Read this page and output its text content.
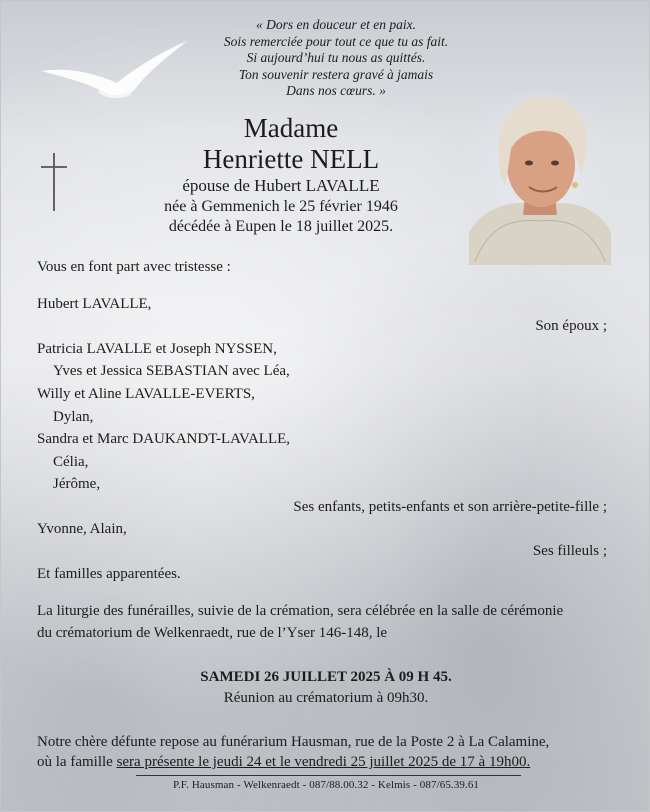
« Dors en douceur et en paix.
Sois remerciée pour tout ce que tu as fait.
Si aujourd’hui tu nous as quittés.
Ton souvenir restera gravé à jamais
Dans nos cœurs. »
Madame
Henriette NELL
épouse de Hubert LAVALLE
née à Gemmenich le 25 février 1946
décédée à Eupen le 18 juillet 2025.
Vous en font part avec tristesse :
Hubert LAVALLE,
Son époux ;
Patricia LAVALLE et Joseph NYSSEN,
Yves et Jessica SEBASTIAN avec Léa,
Willy et Aline LAVALLE-EVERTS,
Dylan,
Sandra et Marc DAUKANDT-LAVALLE,
Célia,
Jérôme,
Ses enfants, petits-enfants et son arrière-petite-fille ;
Yvonne, Alain,
Ses filleuls ;
Et familles apparentées.
La liturgie des funérailles, suivie de la crémation, sera célébrée en la salle de cérémonie
du crématorium de Welkenraedt, rue de l’Yser 146-148, le
SAMEDI 26 JUILLET 2025 À 09 H 45.
Réunion au crématorium à 09h30.
Notre chère défunte repose au funérarium Hausman, rue de la Poste 2 à La Calamine,
où la famille sera présente le jeudi 24 et le vendredi 25 juillet 2025 de 17 à 19h00.
P.F. Hausman - Welkenraedt - 087/88.00.32 - Kelmis - 087/65.39.61
